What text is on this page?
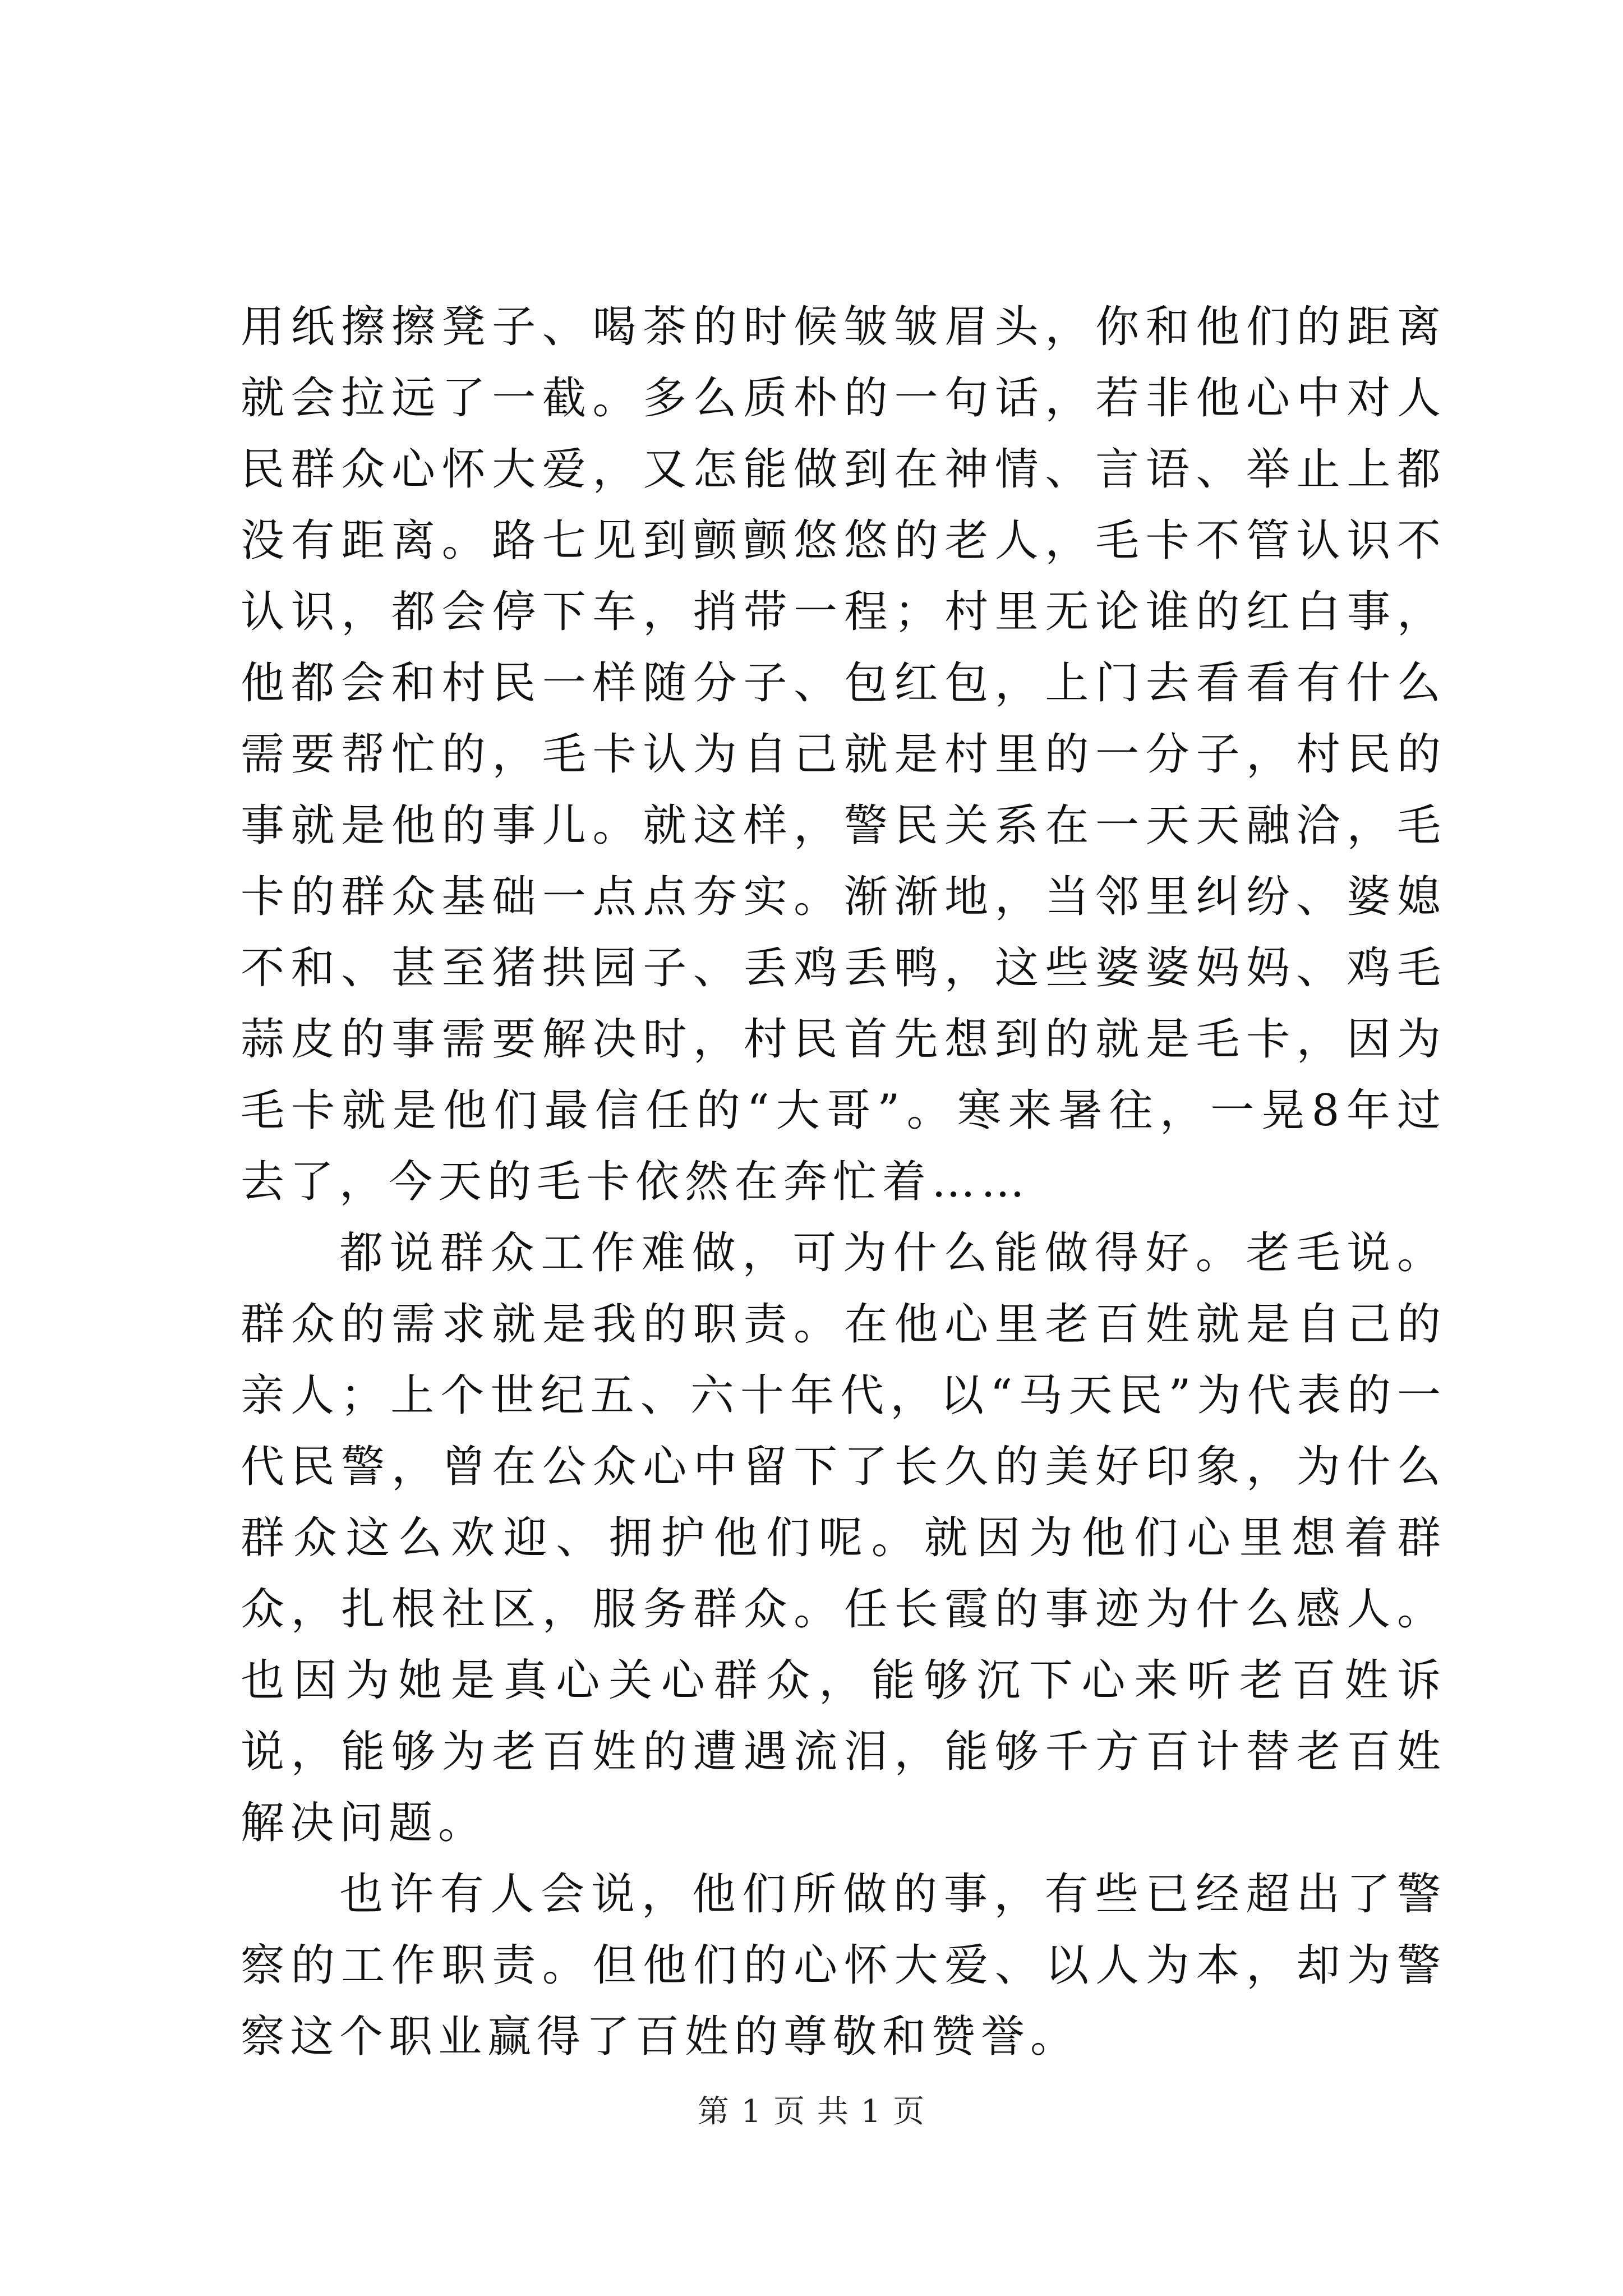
用纸擦擦凳子、喝茶的时候皱皱眉头，你和他们的距离就会拉远了一截。多么质朴的一句话，若非他心中对人民群众心怀大爱，又怎能做到在神情、言语、举止上都没有距离。路七见到颤颤悠悠的老人，毛卡不管认识不认识，都会停下车，捎带一程；村里无论谁的红白事，他都会和村民一样随分子、包红包，上门去看看有什么需要帮忙的，毛卡认为自己就是村里的一分子，村民的事就是他的事儿。就这样，警民关系在一天天融洽，毛卡的群众基础一点点夯实。渐渐地，当邻里纠纷、婆媳不和、甚至猪拱园子、丢鸡丢鸭，这些婆婆妈妈、鸡毛蒜皮的事需要解决时，村民首先想到的就是毛卡，因为毛卡就是他们最信任的“大哥”。寒来暑往，一晃8年过去了，今天的毛卡依然在奔忙着……

都说群众工作难做，可为什么能做得好。老毛说。群众的需求就是我的职责。在他心里老百姓就是自己的亲人；上个世纪五、六十年代，以“马天民”为代表的一代民警，曾在公众心中留下了长久的美好印象，为什么群众这么欢迎、拥护他们呢。就因为他们心里想着群众，扎根社区，服务群众。任长霞的事迹为什么感人。也因为她是真心关心群众，能够沉下心来听老百姓诉说，能够为老百姓的遭遇流泪，能够千方百计替老百姓解决问题。

也许有人会说，他们所做的事，有些已经超出了警察的工作职责。但他们的心怀大爱、以人为本，却为警察这个职业赢得了百姓的尊敬和赞誉。

第 1 页 共 1 页
